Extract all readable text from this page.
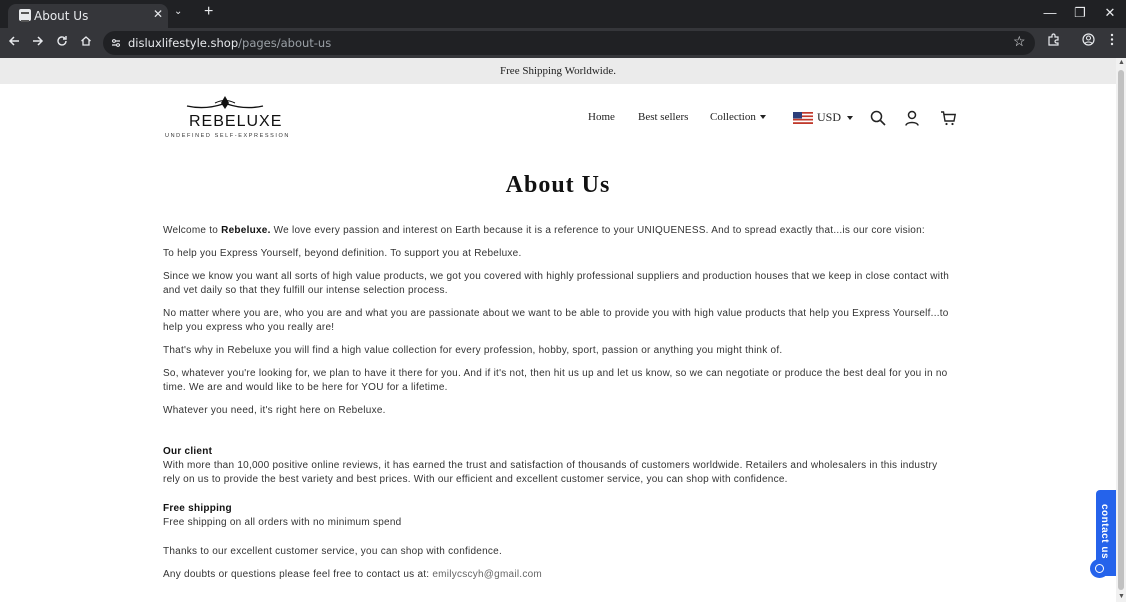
About Us	✕ ⌄ +	—	❐	✕
disluxlifestyle.shop/pages/about-us	☆
Free Shipping Worldwide.
▲
▼
REBELUXE
UNDEFINED SELF-EXPRESSION
Home Best sellers Collection	USD
About Us

Welcome to Rebeluxe. We love every passion and interest on Earth because it is a reference to your UNIQUENESS. And to spread exactly that...is our core vision:

To help you Express Yourself, beyond definition. To support you at Rebeluxe.

Since we know you want all sorts of high value products, we got you covered with highly professional suppliers and production houses that we keep in close contact with and vet daily so that they fulfill our intense selection process.

No matter where you are, who you are and what you are passionate about we want to be able to provide you with high value products that help you Express Yourself...to help you express who you really are!

That's why in Rebeluxe you will find a high value collection for every profession, hobby, sport, passion or anything you might think of.

So, whatever you're looking for, we plan to have it there for you. And if it's not, then hit us up and let us know, so we can negotiate or produce the best deal for you in no time. We are and would like to be here for YOU for a lifetime.

Whatever you need, it's right here on Rebeluxe.

Our client

With more than 10,000 positive online reviews, it has earned the trust and satisfaction of thousands of customers worldwide. Retailers and wholesalers in this industry rely on us to provide the best variety and best prices. With our efficient and excellent customer service, you can shop with confidence.

Free shipping

Free shipping on all orders with no minimum spend

Thanks to our excellent customer service, you can shop with confidence.

Any doubts or questions please feel free to contact us at: emilycscyh@gmail.com

contact us
